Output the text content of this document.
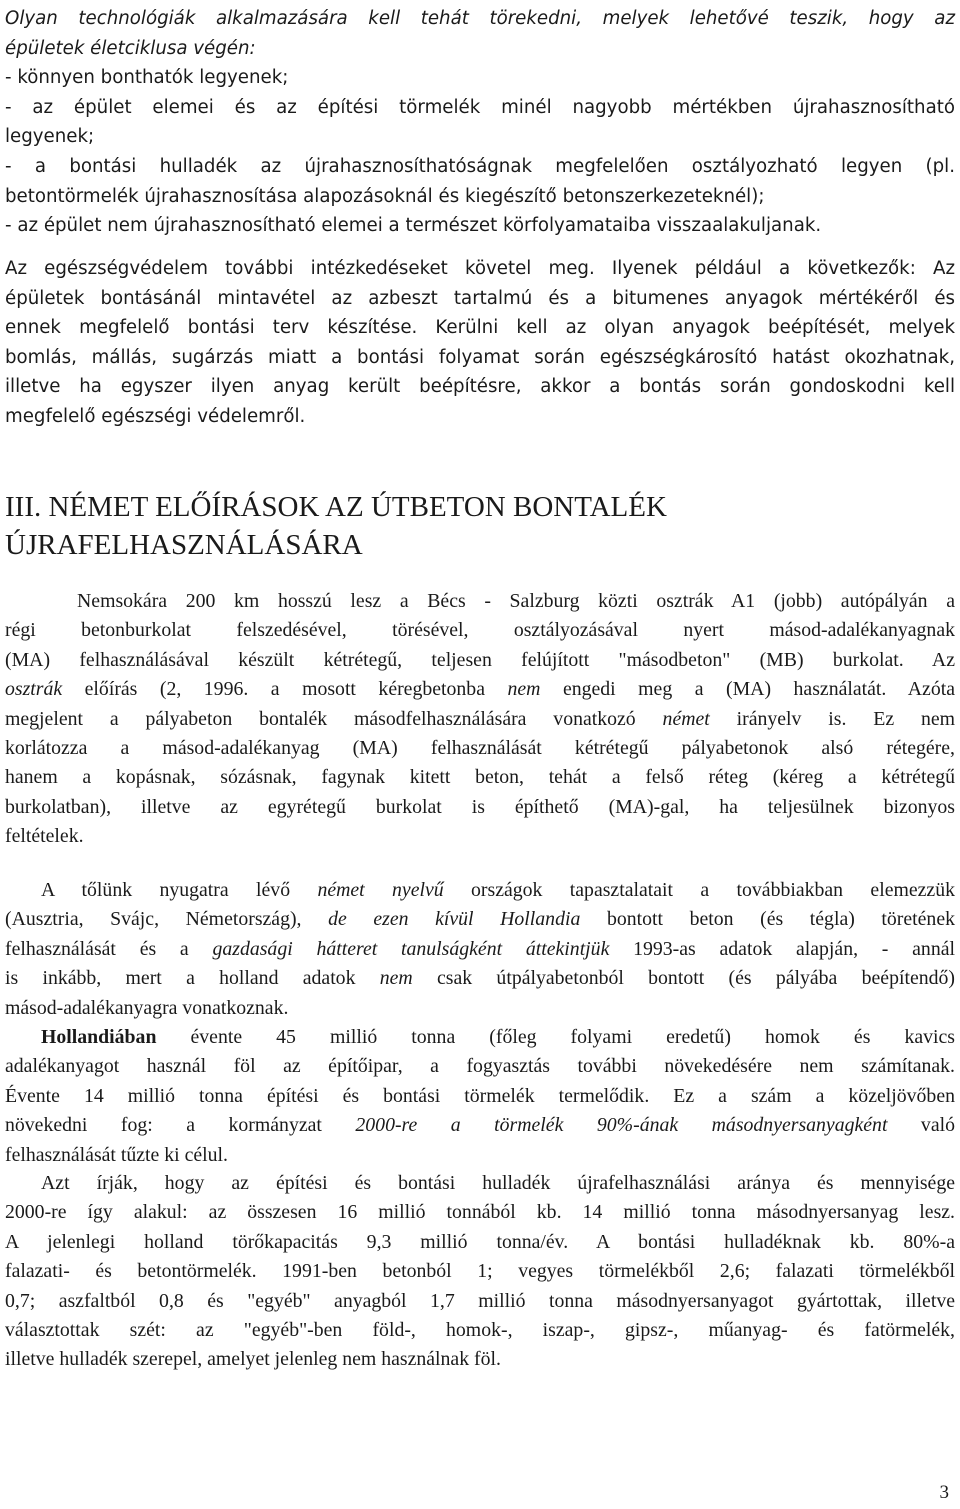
Olyan technológiák alkalmazására kell tehát törekedni, melyek lehetővé teszik, hogy az
épületek életciklusa végén:
- könnyen bonthatók legyenek;
- az épület elemei és az építési törmelék minél nagyobb mértékben újrahasznosítható
legyenek;
- a bontási hulladék az újrahasznosíthatóságnak megfelelően osztályozható legyen (pl.
betontörmelék újrahasznosítása alapozásoknál és kiegészítő betonszerkezeteknél);
- az épület nem újrahasznosítható elemei a természet körfolyamataiba visszaalakuljanak.
Az egészségvédelem további intézkedéseket követel meg. Ilyenek például a következők: Az
épületek bontásánál mintavétel az azbeszt tartalmú és a bitumenes anyagok mértékéről és
ennek megfelelő bontási terv készítése. Kerülni kell az olyan anyagok beépítését, melyek
bomlás, mállás, sugárzás miatt a bontási folyamat során egészségkárosító hatást okozhatnak,
illetve ha egyszer ilyen anyag került beépítésre, akkor a bontás során gondoskodni kell
megfelelő egészségi védelemről.
III. NÉMET ELŐÍRÁSOK AZ ÚTBETON BONTALÉK
ÚJRAFELHASZNÁLÁSÁRA
Nemsokára 200 km hosszú lesz a Bécs - Salzburg közti osztrák A1 (jobb) autópályán a
régi betonburkolat felszedésével, törésével, osztályozásával nyert másod-adalékanyagnak
(MA) felhasználásával készült kétrétegű, teljesen felújított "másodbeton" (MB) burkolat. Az
osztrák előírás (2, 1996. a mosott kéregbetonba nem engedi meg a (MA) használatát. Azóta
megjelent a pályabeton bontalék másodfelhasználására vonatkozó német irányelv is. Ez nem
korlátozza a másod-adalékanyag (MA) felhasználását kétrétegű pályabetonok alsó rétegére,
hanem a kopásnak, sózásnak, fagynak kitett beton, tehát a felső réteg (kéreg a kétrétegű
burkolatban), illetve az egyrétegű burkolat is építhető (MA)-gal, ha teljesülnek bizonyos
feltételek.
A tőlünk nyugatra lévő német nyelvű országok tapasztalatait a továbbiakban elemezzük
(Ausztria, Svájc, Németország), de ezen kívül Hollandia bontott beton (és tégla) töretének
felhasználását és a gazdasági hátteret tanulságként áttekintjük 1993-as adatok alapján, - annál
is inkább, mert a holland adatok nem csak útpályabetonból bontott (és pályába beépítendő)
másod-adalékanyagra vonatkoznak.
Hollandiában évente 45 millió tonna (főleg folyami eredetű) homok és kavics
adalékanyagot használ föl az építőipar, a fogyasztás további növekedésére nem számítanak.
Évente 14 millió tonna építési és bontási törmelék termelődik. Ez a szám a közeljövőben
növekedni fog: a kormányzat 2000-re a törmelék 90%-ának másodnyersanyagként való
felhasználását tűzte ki célul.
Azt írják, hogy az építési és bontási hulladék újrafelhasználási aránya és mennyisége
2000-re így alakul: az összesen 16 millió tonnából kb. 14 millió tonna másodnyersanyag lesz.
A jelenlegi holland törőkapacitás 9,3 millió tonna/év. A bontási hulladéknak kb. 80%-a
falazati- és betontörmelék. 1991-ben betonból 1; vegyes törmelékből 2,6; falazati törmelékből
0,7; aszfaltból 0,8 és "egyéb" anyagból 1,7 millió tonna másodnyersanyagot gyártottak, illetve
választottak szét: az "egyéb"-ben föld-, homok-, iszap-, gipsz-, műanyag- és fatörmelék,
illetve hulladék szerepel, amelyet jelenleg nem használnak föl.
3
